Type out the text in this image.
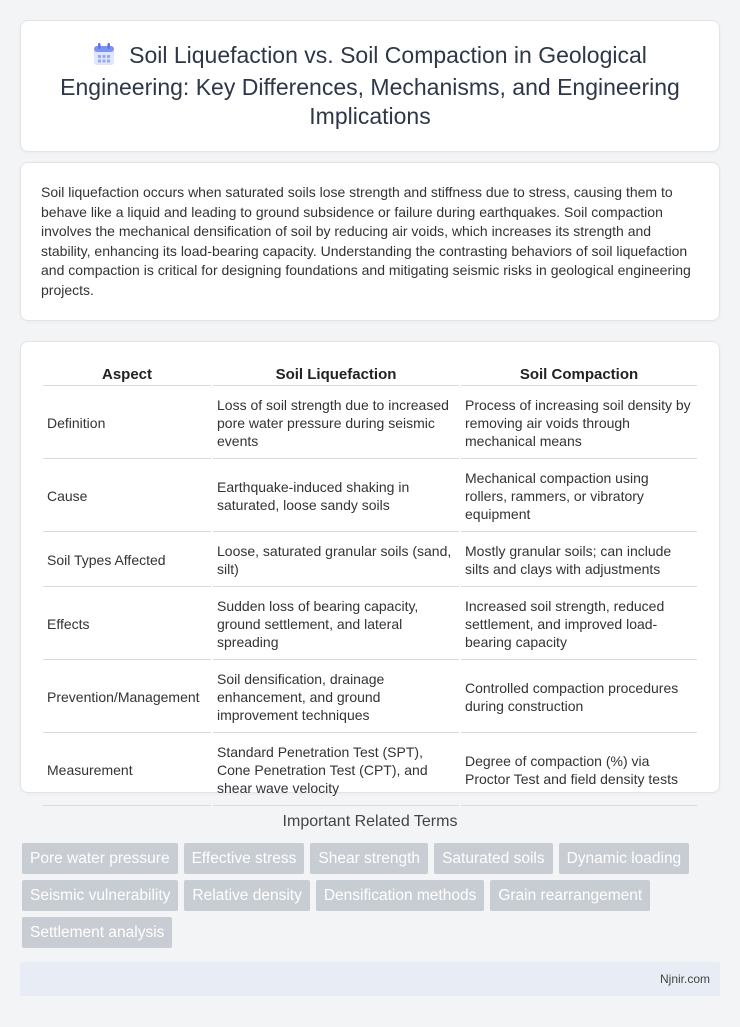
Soil Liquefaction vs. Soil Compaction in Geological Engineering: Key Differences, Mechanisms, and Engineering Implications

Soil liquefaction occurs when saturated soils lose strength and stiffness due to stress, causing them to behave like a liquid and leading to ground subsidence or failure during earthquakes. Soil compaction involves the mechanical densification of soil by reducing air voids, which increases its strength and stability, enhancing its load-bearing capacity. Understanding the contrasting behaviors of soil liquefaction and compaction is critical for designing foundations and mitigating seismic risks in geological engineering projects.

Aspect	Soil Liquefaction	Soil Compaction
Definition	Loss of soil strength due to increased pore water pressure during seismic events	Process of increasing soil density by removing air voids through mechanical means
Cause	Earthquake-induced shaking in saturated, loose sandy soils	Mechanical compaction using rollers, rammers, or vibratory equipment
Soil Types Affected	Loose, saturated granular soils (sand, silt)	Mostly granular soils; can include silts and clays with adjustments
Effects	Sudden loss of bearing capacity, ground settlement, and lateral spreading	Increased soil strength, reduced settlement, and improved load-bearing capacity
Prevention/Management	Soil densification, drainage enhancement, and ground improvement techniques	Controlled compaction procedures during construction
Measurement	Standard Penetration Test (SPT), Cone Penetration Test (CPT), and shear wave velocity	Degree of compaction (%) via Proctor Test and field density tests
Important Related Terms
Pore water pressure	Effective stress	Shear strength	Saturated soils	Dynamic loading
Seismic vulnerability	Relative density	Densification methods	Grain rearrangement
Settlement analysis
Njnir.com
